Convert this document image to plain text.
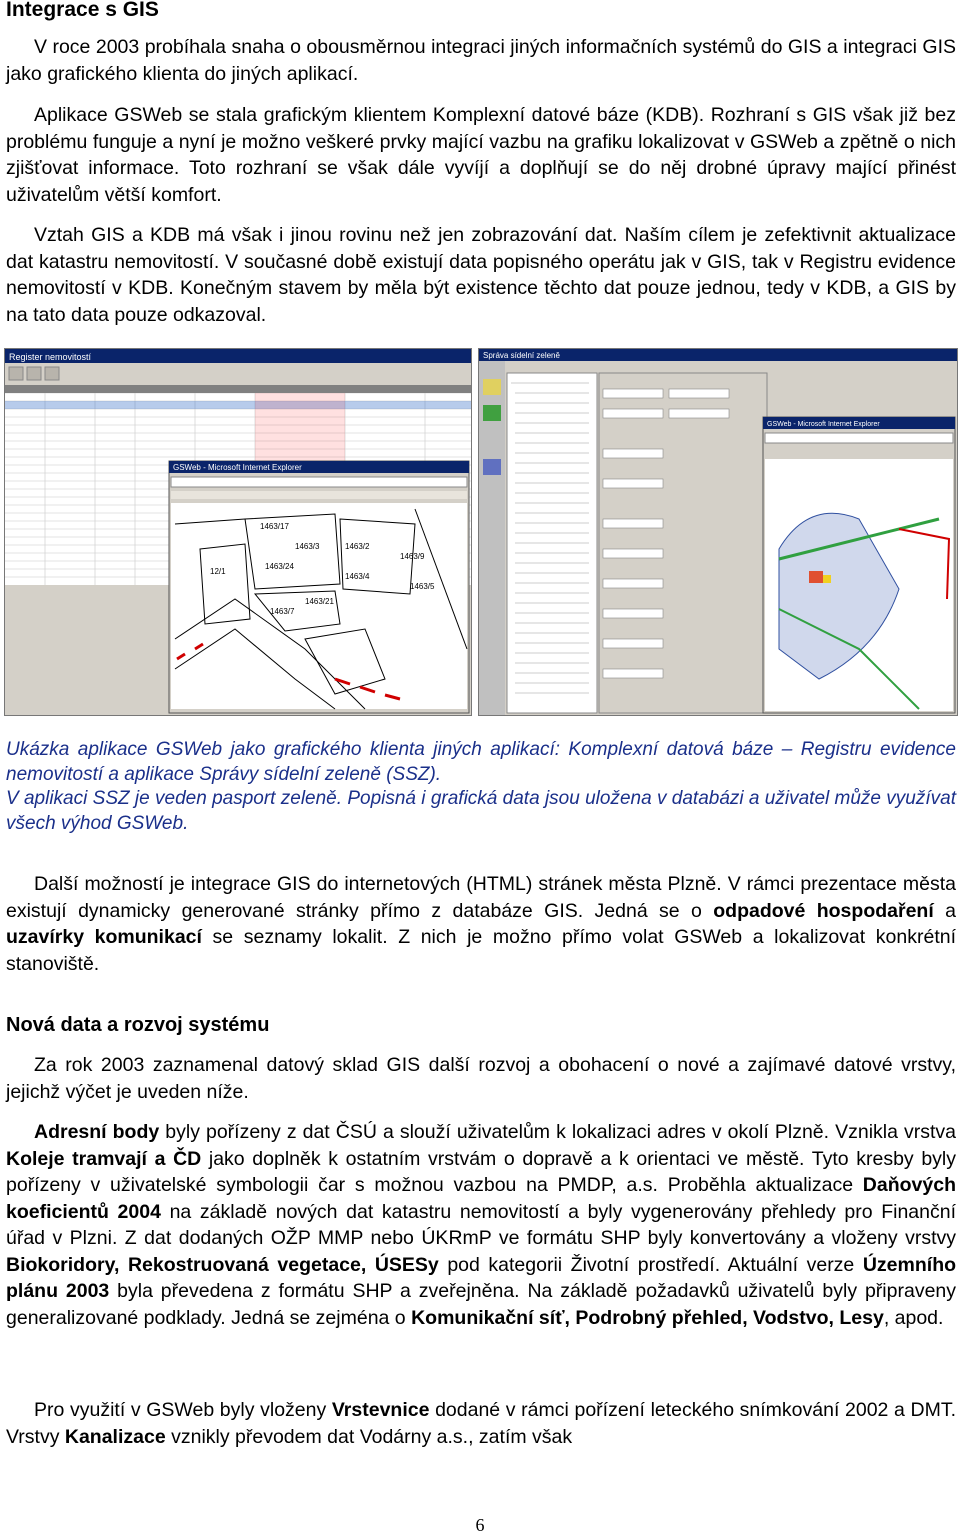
Integrace s GIS

V roce 2003 probíhala snaha o obousměrnou integraci jiných informačních systémů do GIS a integraci GIS jako grafického klienta do jiných aplikací.

Aplikace GSWeb se stala grafickým klientem Komplexní datové báze (KDB). Rozhraní s GIS však již bez problému funguje a nyní je možno veškeré prvky mající vazbu na grafiku lokalizovat v GSWeb a zpětně o nich zjišťovat informace. Toto rozhraní se však dále vyvíjí a doplňují se do něj drobné úpravy mající přinést uživatelům větší komfort.

Vztah GIS a KDB má však i jinou rovinu než jen zobrazování dat. Naším cílem je zefektivnit aktualizace dat katastru nemovitostí. V současné době existují data popisného operátu jak v GIS, tak v Registru evidence nemovitostí v KDB. Konečným stavem by měla být existence těchto dat pouze jednou, tedy v KDB, a GIS by na tato data pouze odkazoval.

Register nemovitostí
GSWeb - Microsoft Internet Explorer
1463/17
1463/3	1463/2
1463/24
1463/4
12/1
1463/7
1463/21
1463/9
1463/5
Správa sídelní zeleně
GSWeb - Microsoft Internet Explorer

Ukázka aplikace GSWeb jako grafického klienta jiných aplikací: Komplexní datová báze – Registru evidence nemovitostí a aplikace Správy sídelní zeleně (SSZ).

V aplikaci SSZ je veden pasport zeleně. Popisná i grafická data jsou uložena v databázi a uživatel může využívat všech výhod GSWeb.

Další možností je integrace GIS do internetových (HTML) stránek města Plzně. V rámci prezentace města existují dynamicky generované stránky přímo z databáze GIS. Jedná se o odpadové hospodaření a uzavírky komunikací se seznamy lokalit. Z nich je možno přímo volat GSWeb a lokalizovat konkrétní stanoviště.

Nová data a rozvoj systému

Za rok 2003 zaznamenal datový sklad GIS další rozvoj a obohacení o nové a zajímavé datové vrstvy, jejichž výčet je uveden níže.

Adresní body byly pořízeny z dat ČSÚ a slouží uživatelům k lokalizaci adres v okolí Plzně. Vznikla vrstva Koleje tramvají a ČD jako doplněk k ostatním vrstvám o dopravě a k orientaci ve městě. Tyto kresby byly pořízeny v uživatelské symbologii čar s možnou vazbou na PMDP, a.s. Proběhla aktualizace Daňových koeficientů 2004 na základě nových dat katastru nemovitostí a byly vygenerovány přehledy pro Finanční úřad v Plzni. Z dat dodaných OŽP MMP nebo ÚKRmP ve formátu SHP byly konvertovány a vloženy vrstvy Biokoridory, Rekostruovaná vegetace, ÚSESy pod kategorii Životní prostředí. Aktuální verze Územního plánu 2003 byla převedena z formátu SHP a zveřejněna. Na základě požadavků uživatelů byly připraveny generalizované podklady. Jedná se zejména o Komunikační síť, Podrobný přehled, Vodstvo, Lesy, apod.

Pro využití v GSWeb byly vloženy Vrstevnice dodané v rámci pořízení leteckého snímkování 2002 a DMT. Vrstvy Kanalizace vznikly převodem dat Vodárny a.s., zatím však

6
